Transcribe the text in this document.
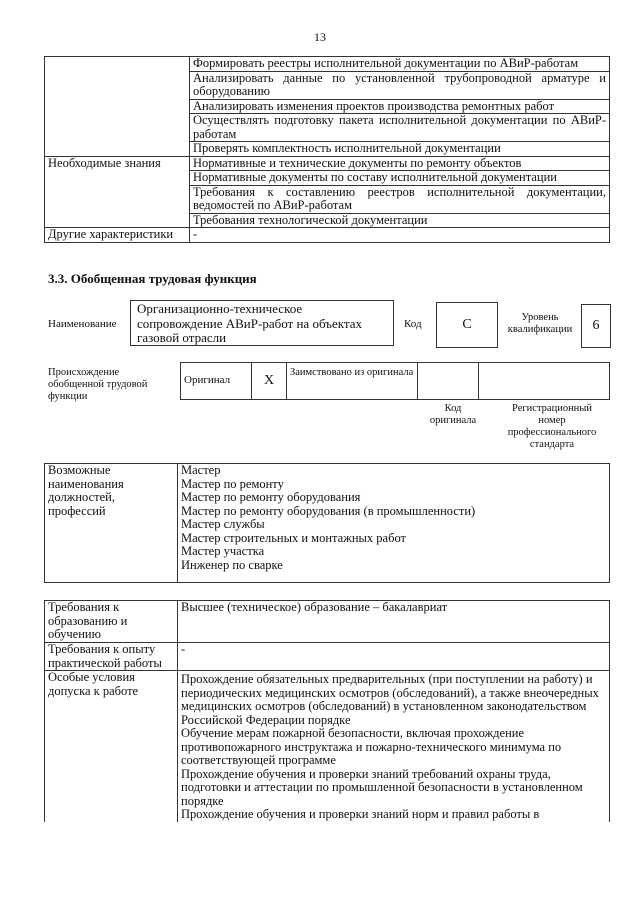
13
	Формировать реестры исполнительной документации по АВиР-работам
	Анализировать данные по установленной трубопроводной арматуре и оборудованию
	Анализировать изменения проектов производства ремонтных работ
	Осуществлять подготовку пакета исполнительной документации по АВиР-работам
	Проверять комплектность исполнительной документации
Необходимые знания	Нормативные и технические документы по ремонту объектов
	Нормативные документы по составу исполнительной документации
	Требования к составлению реестров исполнительной документации, ведомостей по АВиР-работам
	Требования технологической документации
Другие характеристики	-
3.3. Обобщенная трудовая функция
Наименование
Организационно-техническое сопровождение АВиР-работ на объектах газовой отрасли
Код	C	Уровень квалификации 6
Происхождение обобщенной трудовой функции
Оригинал	X	Заимствовано из оригинала		
Код оригинала
Регистрационный номер профессионального стандарта
Возможные наименования должностей, профессий	
Мастер
Мастер по ремонту
Мастер по ремонту оборудования
Мастер по ремонту оборудования (в промышленности)
Мастер службы
Мастер строительных и монтажных работ
Мастер участка
Инженер по сварке
Требования к образованию и обучению	Высшее (техническое) образование – бакалавриат
Требования к опыту практической работы	-
Особые условия допуска к работе	Прохождение обязательных предварительных (при поступлении на работу) и периодических медицинских осмотров (обследований), а также внеочередных медицинских осмотров (обследований) в установленном законодательством Российской Федерации порядке
Обучение мерам пожарной безопасности, включая прохождение противопожарного инструктажа и пожарно-технического минимума по соответствующей программе
Прохождение обучения и проверки знаний требований охраны труда, подготовки и аттестации по промышленной безопасности в установленном порядке
Прохождение обучения и проверки знаний норм и правил работы в
